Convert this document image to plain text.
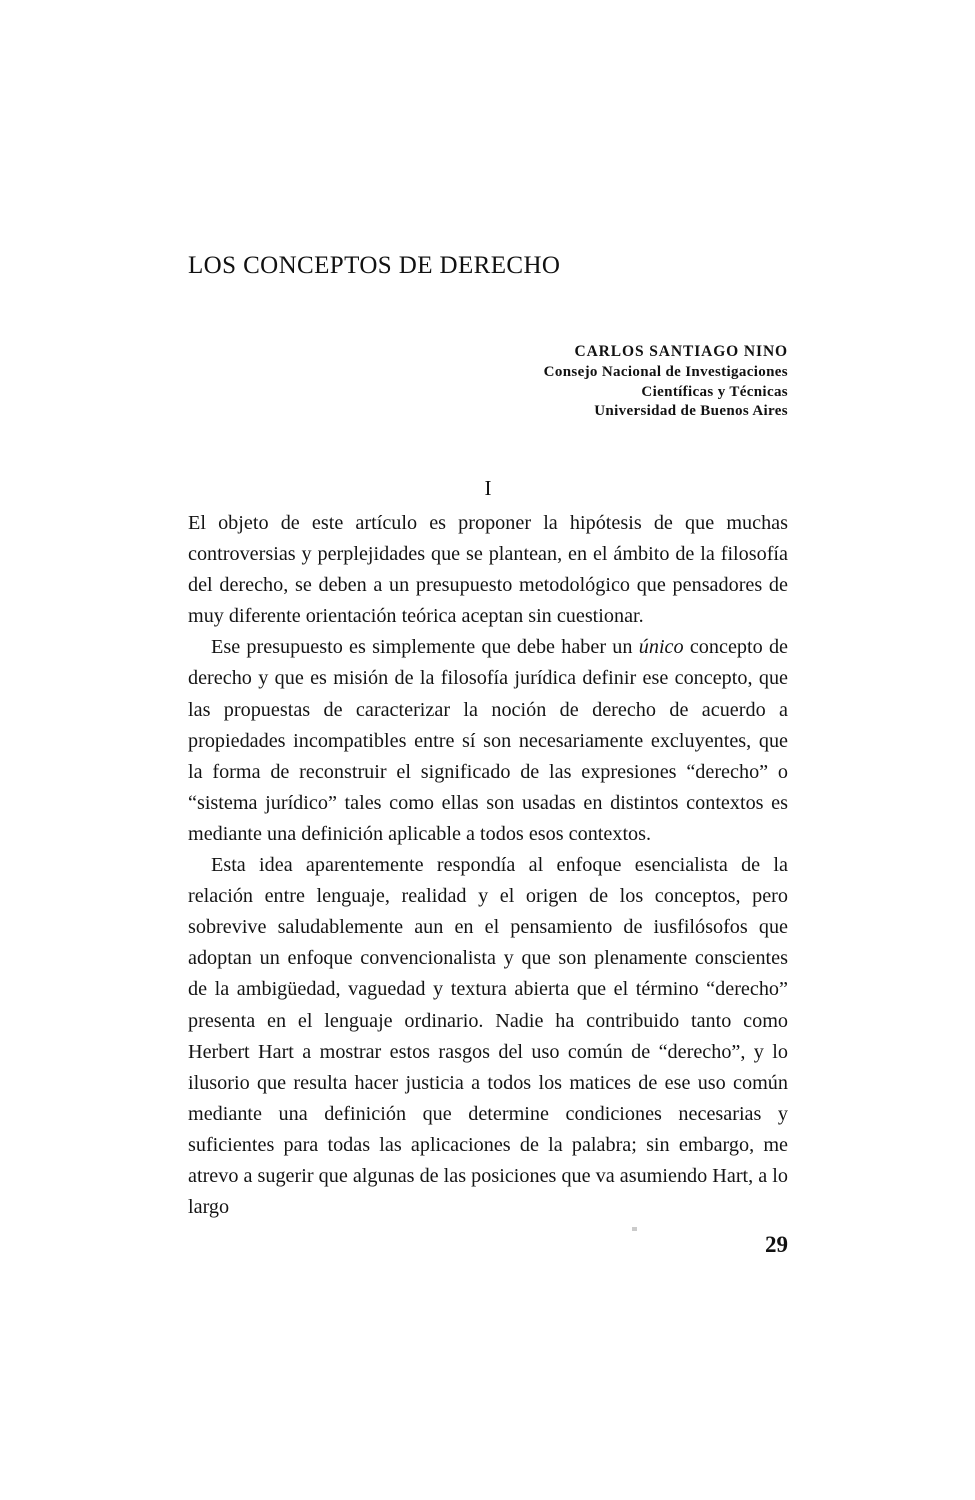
LOS CONCEPTOS DE DERECHO
CARLOS SANTIAGO NINO
Consejo Nacional de Investigaciones
Científicas y Técnicas
Universidad de Buenos Aires
I

El objeto de este artículo es proponer la hipótesis de que muchas controversias y perplejidades que se plantean, en el ámbito de la filosofía del derecho, se deben a un presupuesto metodológico que pensadores de muy diferente orientación teórica aceptan sin cuestionar.

Ese presupuesto es simplemente que debe haber un único concepto de derecho y que es misión de la filosofía jurídica definir ese concepto, que las propuestas de caracterizar la noción de derecho de acuerdo a propiedades incompatibles entre sí son necesariamente excluyentes, que la forma de reconstruir el significado de las expresiones “derecho” o “sistema jurídico” tales como ellas son usadas en distintos contextos es mediante una definición aplicable a todos esos contextos.

Esta idea aparentemente respondía al enfoque esencialista de la relación entre lenguaje, realidad y el origen de los conceptos, pero sobrevive saludablemente aun en el pensamiento de iusfilósofos que adoptan un enfoque convencionalista y que son plenamente conscientes de la ambigüedad, vaguedad y textura abierta que el término “derecho” presenta en el lenguaje ordinario. Nadie ha contribuido tanto como Herbert Hart a mostrar estos rasgos del uso común de “derecho”, y lo ilusorio que resulta hacer justicia a todos los matices de ese uso común mediante una definición que determine condiciones necesarias y suficientes para todas las aplicaciones de la palabra; sin embargo, me atrevo a sugerir que algunas de las posiciones que va asumiendo Hart, a lo largo

29
